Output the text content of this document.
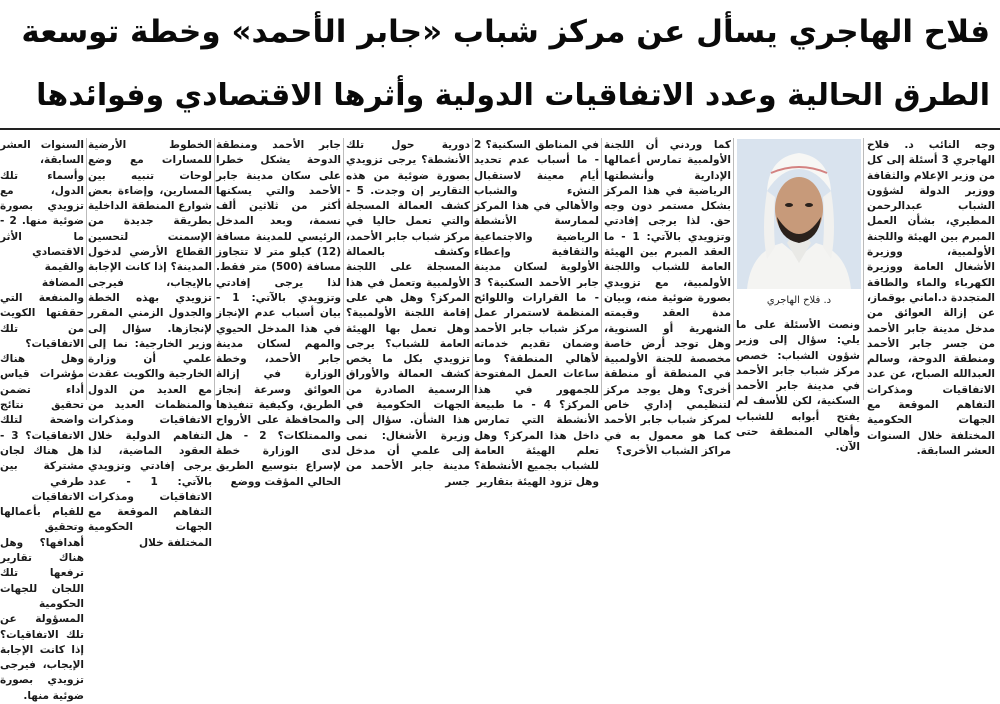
فلاح الهاجري يسأل عن مركز شباب «جابر الأحمد» وخطة توسعة
الطرق الحالية وعدد الاتفاقيات الدولية وأثرها الاقتصادي وفوائدها

وجه النائب د. فلاح الهاجري 3 أسئلة إلى كل من وزير الإعلام والثقافة ووزير الدولة لشؤون الشباب عبدالرحمن المطيري، بشأن العمل المبرم بين الهيئة واللجنة الأولمبية، ووزيرة الأشغال العامة ووزيرة الكهرباء والماء والطاقة المتجددة د.اماني بوقماز، عن إزالة العوائق من مدخل مدينة جابر الأحمد من جسر جابر الأحمد ومنطقة الدوحة، وسالم العبدالله الصباح، عن عدد الاتفاقيات ومذكرات التفاهم الموقعة مع الجهات الحكومية المختلفة خلال السنوات العشر السابقة.

د. فلاح الهاجري

ونصت الأسئلة على ما يلي: سؤال إلى وزير شؤون الشباب: خصص مركز شباب جابر الأحمد في مدينة جابر الأحمد السكنية، لكن للأسف لم يفتح أبوابه للشباب وأهالي المنطقة حتى الآن.

كما وردني أن اللجنة الأولمبية تمارس أعمالها الإدارية وأنشطتها الرياضية في هذا المركز بشكل مستمر دون وجه حق. لذا يرجى إفادتي وتزويدي بالآتي: 1 - ما العقد المبرم بين الهيئة العامة للشباب واللجنة الأولمبية، مع تزويدي بصورة ضوئية منه، وبيان مدة العقد وقيمته الشهرية أو السنوية، وهل توجد أرض خاصة مخصصة للجنة الأولمبية في المنطقة أو منطقة أخرى؟ وهل يوجد مركز لتنظيمي إداري خاص لمركز شباب جابر الأحمد كما هو معمول به في مراكز الشباب الأخرى؟

في المناطق السكنية؟ 2 - ما أسباب عدم تحديد أيام معينة لاستقبال النشء والشباب والأهالي في هذا المركز لممارسة الأنشطة الرياضية والاجتماعية والثقافية وإعطاء الأولوية لسكان مدينة جابر الأحمد السكنية؟ 3 - ما القرارات واللوائح المنظمة لاستمرار عمل مركز شباب جابر الأحمد وضمان تقديم خدماته لأهالي المنطقة؟ وما ساعات العمل المفتوحة للجمهور في هذا المركز؟ 4 - ما طبيعة الأنشطة التي تمارس داخل هذا المركز؟ وهل تعلم الهيئة العامة للشباب بجميع الأنشطة؟ وهل تزود الهيئة بتقارير

دورية حول تلك الأنشطة؟ يرجى تزويدي بصورة ضوئية من هذه التقارير إن وجدت. 5 - كشف العمالة المسجلة والتي تعمل حاليا في مركز شباب جابر الأحمد، وكشف بالعمالة المسجلة على اللجنة الأولمبية وتعمل في هذا المركز؟ وهل هي على إقامة اللجنة الأولمبية؟ وهل تعمل بها الهيئة العامة للشباب؟ يرجى تزويدي بكل ما يخص كشف العمالة والأوراق الرسمية الصادرة من الجهات الحكومية في هذا الشأن. سؤال إلى وزيرة الأشغال: نمى إلى علمي أن مدخل مدينة جابر الأحمد من جسر

جابر الأحمد ومنطقة الدوحة يشكل خطرا على سكان مدينة جابر الأحمد والتي يسكنها أكثر من ثلاثين ألف نسمة، وبعد المدخل الرئيسي للمدينة مسافة (12) كيلو متر لا تتجاوز مسافة (500) متر فقط. لذا يرجى إفادتي وتزويدي بالآتي: 1 - بيان أسباب عدم الإنجاز في هذا المدخل الحيوي والمهم لسكان مدينة جابر الأحمد، وخطة الوزارة في إزالة العوائق وسرعة إنجاز الطريق، وكيفية تنفيذها والمحافظة على الأرواح والممتلكات؟ 2 - هل لدى الوزارة خطة لإسراع بتوسيع الطريق الحالي المؤقت ووضع

الخطوط الأرضية للمسارات مع وضع لوحات تنبيه بين المسارين، وإضاءة بعض شوارع المنطقة الداخلية بطريقة جديدة من الإسمنت لتحسين القطاع الأرضي لدخول المدينة؟ إذا كانت الإجابة بالإيجاب، فيرجى تزويدي بهذه الخطة والجدول الزمني المقرر لإنجازها. سؤال إلى وزير الخارجية: نما إلى علمي أن وزارة الخارجية والكويت عقدت مع العديد من الدول والمنظمات العديد من الاتفاقيات ومذكرات التفاهم الدولية خلال العقود الماضية، لذا يرجى إفادتي وتزويدي بالآتي: 1 - عدد الاتفاقيات ومذكرات التفاهم الموقعة مع الجهات الحكومية المختلفة خلال

السنوات العشر السابقة، وأسماء تلك الدول، مع تزويدي بصورة ضوئية منها. 2 - ما الأثر الاقتصادي والقيمة المضافة والمنفعة التي حققتها الكويت من تلك الاتفاقيات؟ وهل هناك مؤشرات قياس أداء تضمن تحقيق نتائج واضحة لتلك الاتفاقيات؟ 3 - هل هناك لجان مشتركة بين طرفي الاتفاقيات للقيام بأعمالها وتحقيق أهدافها؟ وهل هناك تقارير ترفعها تلك اللجان للجهات الحكومية المسؤولة عن تلك الاتفاقيات؟ إذا كانت الإجابة الإيجاب، فيرجى تزويدي بصورة ضوئية منها.
